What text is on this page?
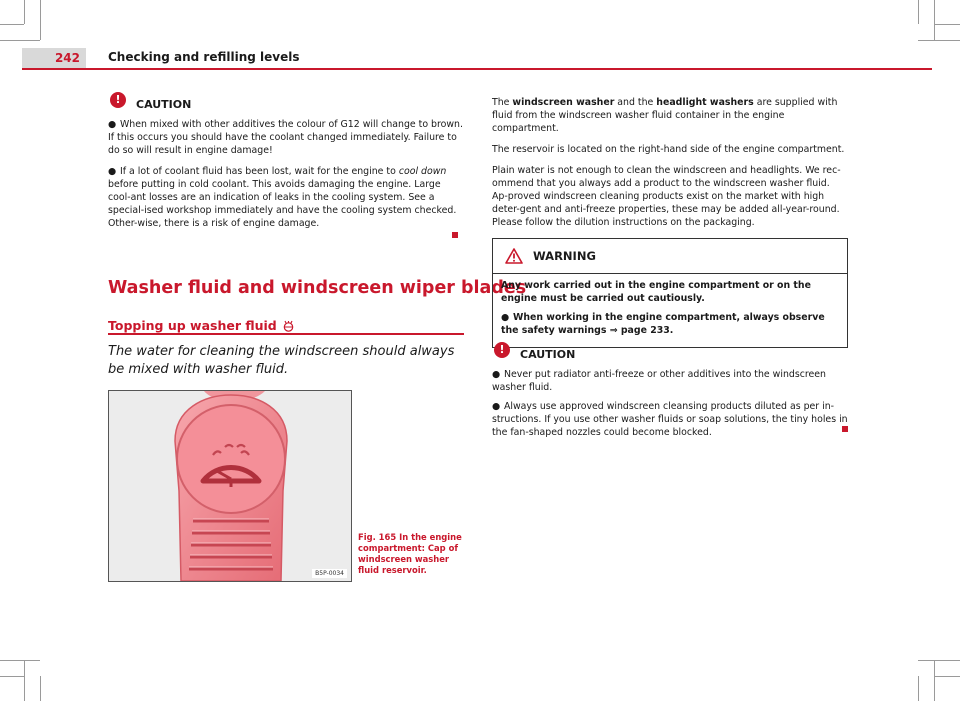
242 Checking and refilling levels
!	CAUTION

● When mixed with other additives the colour of G12 will change to brown. If this occurs you should have the coolant changed immediately. Failure to do so will result in engine damage!

● If a lot of coolant fluid has been lost, wait for the engine to cool down before putting in cold coolant. This avoids damaging the engine. Large cool-ant losses are an indication of leaks in the cooling system. See a special-ised workshop immediately and have the cooling system checked. Other-wise, there is a risk of engine damage.

Washer fluid and windscreen wiper blades
Topping up washer fluid
The water for cleaning the windscreen should always be mixed with washer fluid.
B5P-0034
Fig. 165 In the engine compartment: Cap of windscreen washer fluid reservoir.

The windscreen washer and the headlight washers are supplied with fluid from the windscreen washer fluid container in the engine compartment.

The reservoir is located on the right-hand side of the engine compartment.

Plain water is not enough to clean the windscreen and headlights. We rec-ommend that you always add a product to the windscreen washer fluid. Ap-proved windscreen cleaning products exist on the market with high deter-gent and anti-freeze properties, these may be added all-year-round. Please follow the dilution instructions on the packaging.

WARNING

Any work carried out in the engine compartment or on the engine must be carried out cautiously.

● When working in the engine compartment, always observe the safety warnings ⇒ page 233.

!	CAUTION

● Never put radiator anti-freeze or other additives into the windscreen washer fluid.

● Always use approved windscreen cleansing products diluted as per in-structions. If you use other washer fluids or soap solutions, the tiny holes in the fan-shaped nozzles could become blocked.
